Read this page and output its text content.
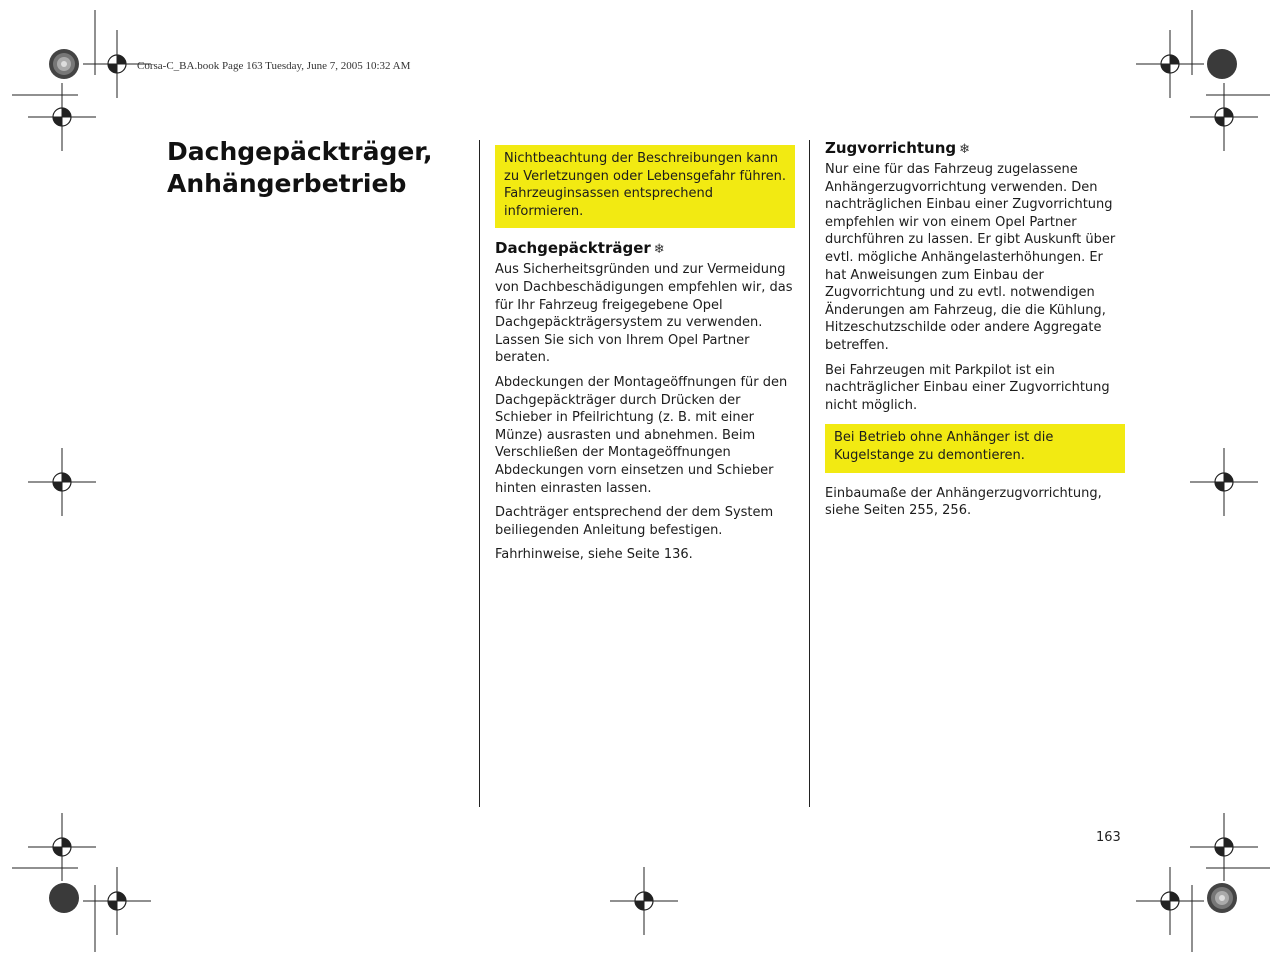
Corsa-C_BA.book Page 163 Tuesday, June 7, 2005 10:32 AM
Dachgepäckträger,
Anhängerbetrieb
Nichtbeachtung der Beschreibungen kann zu Verletzungen oder Lebensgefahr führen. Fahrzeuginsassen entsprechend informieren.
Dachgepäckträger ❄

Aus Sicherheitsgründen und zur Vermeidung von Dachbeschädigungen empfehlen wir, das für Ihr Fahrzeug freigegebene Opel Dachgepäckträgersystem zu verwenden. Lassen Sie sich von Ihrem Opel Partner beraten.

Abdeckungen der Montageöffnungen für den Dachgepäckträger durch Drücken der Schieber in Pfeilrichtung (z. B. mit einer Münze) ausrasten und abnehmen. Beim Verschließen der Montageöffnungen Abdeckungen vorn einsetzen und Schieber hinten einrasten lassen.

Dachträger entsprechend der dem System beiliegenden Anleitung befestigen.

Fahrhinweise, siehe Seite 136.

Zugvorrichtung ❄

Nur eine für das Fahrzeug zugelassene Anhängerzugvorrichtung verwenden. Den nachträglichen Einbau einer Zugvorrichtung empfehlen wir von einem Opel Partner durchführen zu lassen. Er gibt Auskunft über evtl. mögliche Anhängelasterhöhungen. Er hat Anweisungen zum Einbau der Zugvorrichtung und zu evtl. notwendigen Änderungen am Fahrzeug, die die Kühlung, Hitzeschutzschilde oder andere Aggregate betreffen.

Bei Fahrzeugen mit Parkpilot ist ein nachträglicher Einbau einer Zugvorrichtung nicht möglich.

Bei Betrieb ohne Anhänger ist die Kugelstange zu demontieren.

Einbaumaße der Anhängerzugvorrichtung, siehe Seiten 255, 256.

163
